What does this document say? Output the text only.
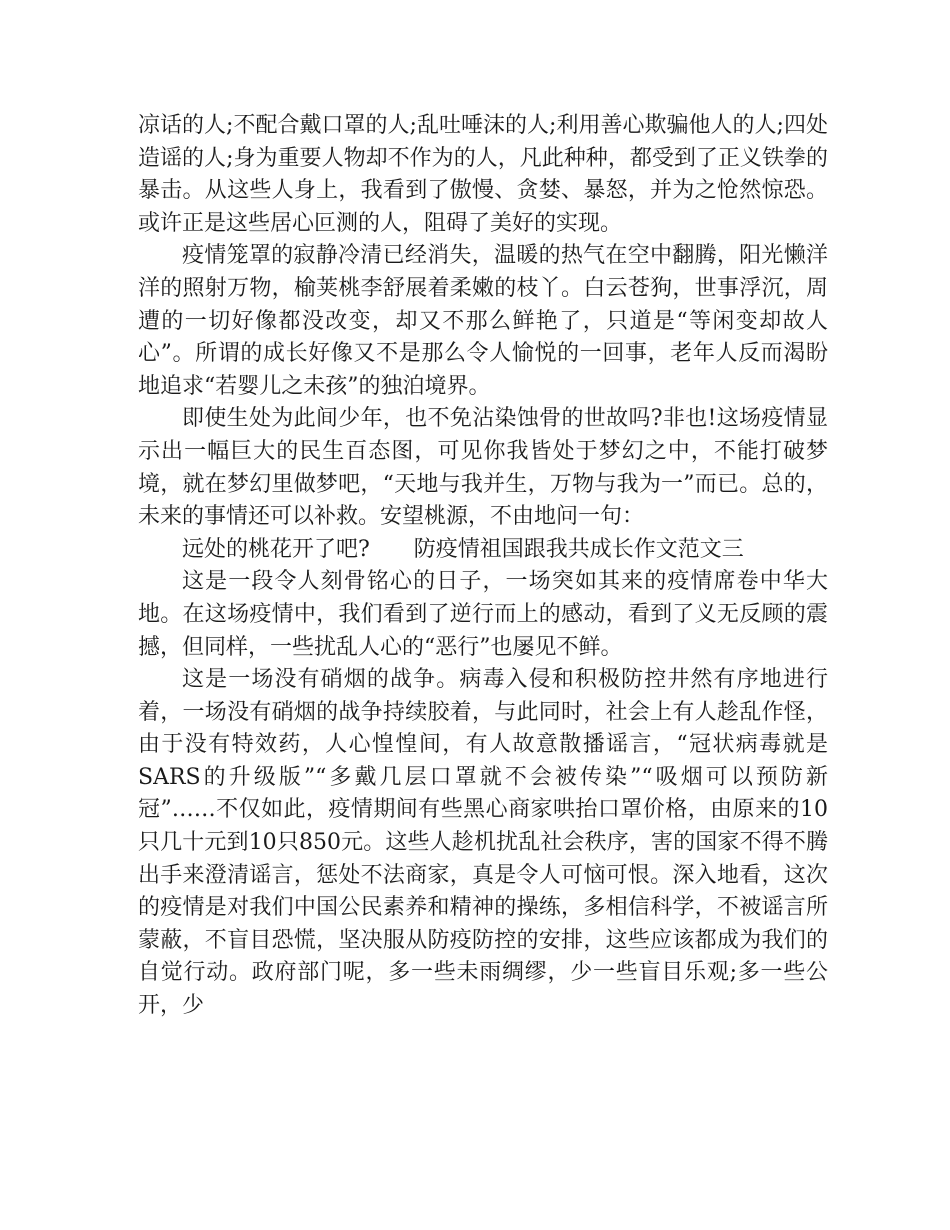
凉话的人;不配合戴口罩的人;乱吐唾沫的人;利用善心欺骗他人的人;四处造谣的人;身为重要人物却不作为的人，凡此种种，都受到了正义铁拳的暴击。从这些人身上，我看到了傲慢、贪婪、暴怒，并为之怆然惊恐。或许正是这些居心叵测的人，阻碍了美好的实现。

疫情笼罩的寂静冷清已经消失，温暖的热气在空中翻腾，阳光懒洋洋的照射万物，榆荚桃李舒展着柔嫩的枝丫。白云苍狗，世事浮沉，周遭的一切好像都没改变，却又不那么鲜艳了，只道是“等闲变却故人心”。所谓的成长好像又不是那么令人愉悦的一回事，老年人反而渴盼地追求“若婴儿之未孩”的独泊境界。

即使生处为此间少年，也不免沾染蚀骨的世故吗?非也!这场疫情显示出一幅巨大的民生百态图，可见你我皆处于梦幻之中，不能打破梦境，就在梦幻里做梦吧，“天地与我并生，万物与我为一”而已。总的，未来的事情还可以补救。安望桃源，不由地问一句：

远处的桃花开了吧? 防疫情祖国跟我共成长作文范文三

这是一段令人刻骨铭心的日子，一场突如其来的疫情席卷中华大地。在这场疫情中，我们看到了逆行而上的感动，看到了义无反顾的震撼，但同样，一些扰乱人心的“恶行”也屡见不鲜。

这是一场没有硝烟的战争。病毒入侵和积极防控井然有序地进行着，一场没有硝烟的战争持续胶着，与此同时，社会上有人趁乱作怪，由于没有特效药，人心惶惶间，有人故意散播谣言，“冠状病毒就是SARS的升级版”“多戴几层口罩就不会被传染”“吸烟可以预防新冠”……不仅如此，疫情期间有些黑心商家哄抬口罩价格，由原来的10只几十元到10只850元。这些人趁机扰乱社会秩序，害的国家不得不腾出手来澄清谣言，惩处不法商家，真是令人可恼可恨。深入地看，这次的疫情是对我们中国公民素养和精神的操练，多相信科学，不被谣言所蒙蔽，不盲目恐慌，坚决服从防疫防控的安排，这些应该都成为我们的自觉行动。政府部门呢，多一些未雨绸缪，少一些盲目乐观;多一些公开，少
